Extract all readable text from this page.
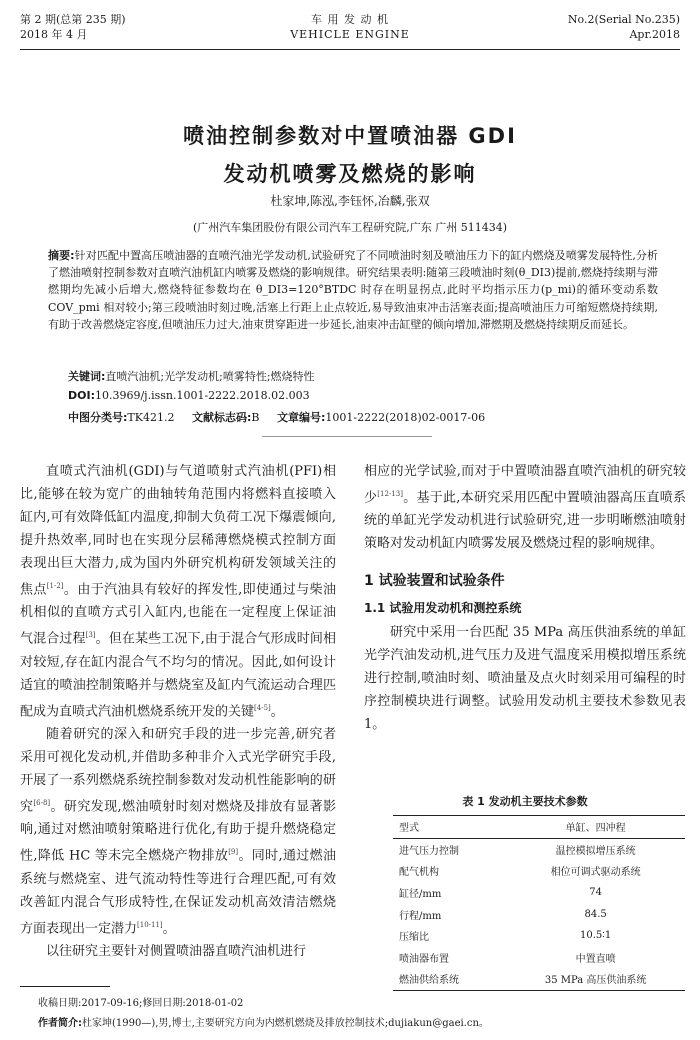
第 2 期(总第 235 期)
2018 年 4 月
车 用 发 动 机
VEHICLE ENGINE
No.2(Serial No.235)
Apr.2018
喷油控制参数对中置喷油器 GDI
发动机喷雾及燃烧的影响
杜家坤,陈泓,李钰怀,冶麟,张双
(广州汽车集团股份有限公司汽车工程研究院,广东 广州 511434)
摘要:针对匹配中置高压喷油器的直喷汽油光学发动机,试验研究了不同喷油时刻及喷油压力下的缸内燃烧及喷雾发展特性,分析了燃油喷射控制参数对直喷汽油机缸内喷雾及燃烧的影响规律。研究结果表明:随第三段喷油时刻(θ_DI3)提前,燃烧持续期与滞燃期均先减小后增大,燃烧特征参数均在 θ_DI3=120°BTDC 时存在明显拐点,此时平均指示压力(p_mi)的循环变动系数 COV_pmi 相对较小;第三段喷油时刻过晚,活塞上行距上止点较近,易导致油束冲击活塞表面;提高喷油压力可缩短燃烧持续期,有助于改善燃烧定容度,但喷油压力过大,油束贯穿距进一步延长,油束冲击缸壁的倾向增加,滞燃期及燃烧持续期反而延长。
关键词:直喷汽油机;光学发动机;喷雾特性;燃烧特性
DOI:10.3969/j.issn.1001-2222.2018.02.003
中图分类号:TK421.2 文献标志码:B 文章编号:1001-2222(2018)02-0017-06

直喷式汽油机(GDI)与气道喷射式汽油机(PFI)相比,能够在较为宽广的曲轴转角范围内将燃料直接喷入缸内,可有效降低缸内温度,抑制大负荷工况下爆震倾向,提升热效率,同时也在实现分层稀薄燃烧模式控制方面表现出巨大潜力,成为国内外研究机构研发领域关注的焦点[1-2]。由于汽油具有较好的挥发性,即使通过与柴油机相似的直喷方式引入缸内,也能在一定程度上保证油气混合过程[3]。但在某些工况下,由于混合气形成时间相对较短,存在缸内混合气不均匀的情况。因此,如何设计适宜的喷油控制策略并与燃烧室及缸内气流运动合理匹配成为直喷式汽油机燃烧系统开发的关键[4-5]。

随着研究的深入和研究手段的进一步完善,研究者采用可视化发动机,并借助多种非介入式光学研究手段,开展了一系列燃烧系统控制参数对发动机性能影响的研究[6-8]。研究发现,燃油喷射时刻对燃烧及排放有显著影响,通过对燃油喷射策略进行优化,有助于提升燃烧稳定性,降低 HC 等未完全燃烧产物排放[9]。同时,通过燃油系统与燃烧室、进气流动特性等进行合理匹配,可有效改善缸内混合气形成特性,在保证发动机高效清洁燃烧方面表现出一定潜力[10-11]。

以往研究主要针对侧置喷油器直喷汽油机进行

相应的光学试验,而对于中置喷油器直喷汽油机的研究较少[12-13]。基于此,本研究采用匹配中置喷油器高压直喷系统的单缸光学发动机进行试验研究,进一步明晰燃油喷射策略对发动机缸内喷雾发展及燃烧过程的影响规律。

1 试验装置和试验条件
1.1 试验用发动机和测控系统

研究中采用一台匹配 35 MPa 高压供油系统的单缸光学汽油发动机,进气压力及进气温度采用模拟增压系统进行控制,喷油时刻、喷油量及点火时刻采用可编程的时序控制模块进行调整。试验用发动机主要技术参数见表 1。

表 1 发动机主要技术参数
型式	单缸、四冲程
进气压力控制	温控模拟增压系统
配气机构	相位可调式驱动系统
缸径/mm	74
行程/mm	84.5
压缩比	10.5∶1
喷油器布置	中置直喷
燃油供给系统	35 MPa 高压供油系统
收稿日期:2017-09-16;修回日期:2018-01-02
作者简介:杜家坤(1990—),男,博士,主要研究方向为内燃机燃烧及排放控制技术;dujiakun@gaei.cn。
